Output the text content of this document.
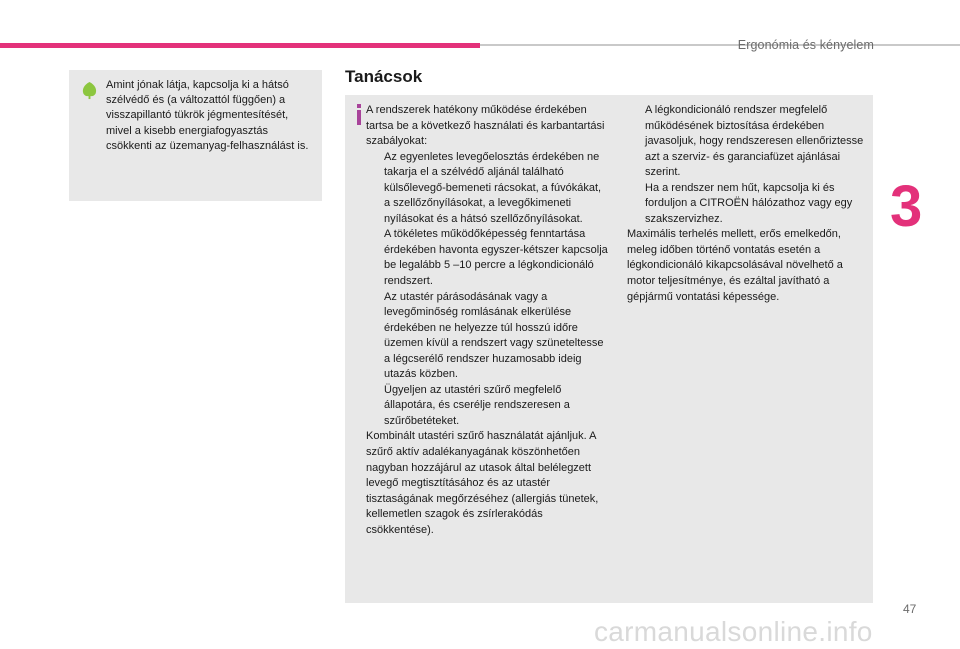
Ergonómia és kényelem
3
Amint jónak látja, kapcsolja ki a hátsó szélvédő és (a változattól függően) a visszapillantó tükrök jégmentesítését, mivel a kisebb energiafogyasztás csökkenti az üzemanyag-felhasználást is.
Tanácsok

A rendszerek hatékony működése érdekében tartsa be a következő használati és karbantartási szabályokat:

Az egyenletes levegőelosztás érdekében ne takarja el a szélvédő alján​ál található külsőlevegő-bemeneti rácsokat, a fúvókákat, a szellőzőnyílásokat, a levegőkimeneti nyílásokat és a hátsó szellőzőnyílásokat.

A tökéletes működőképesség fenntartása érdekében havonta egyszer-kétszer kapcsolja be legalább 5 –10 percre a légkondicionáló rendszert.

Az utastér párásodásának vagy a levegőminőség romlásának elkerülése érdekében ne helyezze túl hosszú időre üzemen kívül a rendszert vagy szüneteltesse a légcserélő rendszer huzamosabb ideig utazás közben.

Ügyeljen az utastéri szűrő megfelelő állapotára, és cserélje rendszeresen a szűrőbetéteket.

Kombinált utastéri szűrő használatát ajánljuk. A szűrő aktív adalékanyagának köszönhetően nagyban hozzájárul az utasok által belélegzett levegő megtisztításához és az utastér tisztaságának megőrzéséhez (allergiás tünetek, kellemetlen szagok és zsírlerakódás csökkentése).

A légkondicionáló rendszer megfelelő működésének biztosítása érdekében javasoljuk, hogy rendszeresen ellenőriztesse azt a szerviz- és garanciafüzet ajánlásai szerint.

Ha a rendszer nem hűt, kapcsolja ki és forduljon a CITROËN hálózathoz vagy egy szakszervizhez.

Maximális terhelés mellett, erős emelkedőn, meleg időben történő vontatás esetén a légkondicionáló kikapcsolásával növelhető a motor teljesítménye, és ezáltal javítható a gépjármű vontatási képessége.

47
carmanualsonline.info
